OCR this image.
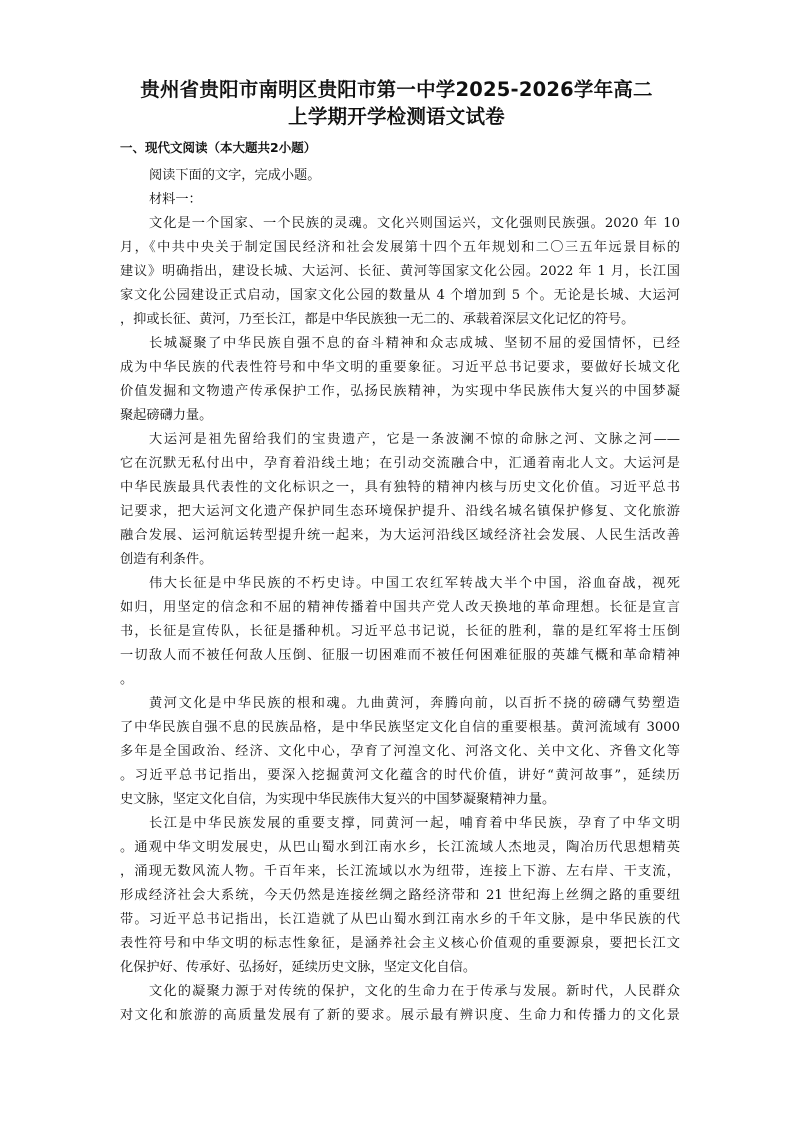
贵州省贵阳市南明区贵阳市第一中学2025-2026学年高二
上学期开学检测语文试卷
一、现代文阅读（本大题共2小题）
阅读下面的文字，完成小题。
材料一：
文化是一个国家、一个民族的灵魂。文化兴则国运兴，文化强则民族强。2020 年 10
月，《中共中央关于制定国民经济和社会发展第十四个五年规划和二〇三五年远景目标的
建议》明确指出，建设长城、大运河、长征、黄河等国家文化公园。2022 年 1 月，长江国
家文化公园建设正式启动，国家文化公园的数量从 4 个增加到 5 个。无论是长城、大运河
，抑或长征、黄河，乃至长江，都是中华民族独一无二的、承载着深层文化记忆的符号。
长城凝聚了中华民族自强不息的奋斗精神和众志成城、坚韧不屈的爱国情怀，已经
成为中华民族的代表性符号和中华文明的重要象征。习近平总书记要求，要做好长城文化
价值发掘和文物遗产传承保护工作，弘扬民族精神，为实现中华民族伟大复兴的中国梦凝
聚起磅礴力量。
大运河是祖先留给我们的宝贵遗产，它是一条波澜不惊的命脉之河、文脉之河——
它在沉默无私付出中，孕育着沿线土地；在引动交流融合中，汇通着南北人文。大运河是
中华民族最具代表性的文化标识之一，具有独特的精神内核与历史文化价值。习近平总书
记要求，把大运河文化遗产保护同生态环境保护提升、沿线名城名镇保护修复、文化旅游
融合发展、运河航运转型提升统一起来，为大运河沿线区域经济社会发展、人民生活改善
创造有利条件。
伟大长征是中华民族的不朽史诗。中国工农红军转战大半个中国，浴血奋战，视死
如归，用坚定的信念和不屈的精神传播着中国共产党人改天换地的革命理想。长征是宣言
书，长征是宣传队，长征是播种机。习近平总书记说，长征的胜利，靠的是红军将士压倒
一切敌人而不被任何敌人压倒、征服一切困难而不被任何困难征服的英雄气概和革命精神
。
黄河文化是中华民族的根和魂。九曲黄河，奔腾向前，以百折不挠的磅礴气势塑造
了中华民族自强不息的民族品格，是中华民族坚定文化自信的重要根基。黄河流域有 3000
多年是全国政治、经济、文化中心，孕育了河湟文化、河洛文化、关中文化、齐鲁文化等
。习近平总书记指出，要深入挖掘黄河文化蕴含的时代价值，讲好“黄河故事”，延续历
史文脉，坚定文化自信，为实现中华民族伟大复兴的中国梦凝聚精神力量。
长江是中华民族发展的重要支撑，同黄河一起，哺育着中华民族，孕育了中华文明
。通观中华文明发展史，从巴山蜀水到江南水乡，长江流域人杰地灵，陶冶历代思想精英
，涌现无数风流人物。千百年来，长江流域以水为纽带，连接上下游、左右岸、干支流，
形成经济社会大系统，今天仍然是连接丝绸之路经济带和 21 世纪海上丝绸之路的重要纽
带。习近平总书记指出，长江造就了从巴山蜀水到江南水乡的千年文脉，是中华民族的代
表性符号和中华文明的标志性象征，是涵养社会主义核心价值观的重要源泉，要把长江文
化保护好、传承好、弘扬好，延续历史文脉，坚定文化自信。
文化的凝聚力源于对传统的保护，文化的生命力在于传承与发展。新时代，人民群众
对文化和旅游的高质量发展有了新的要求。展示最有辨识度、生命力和传播力的文化景
